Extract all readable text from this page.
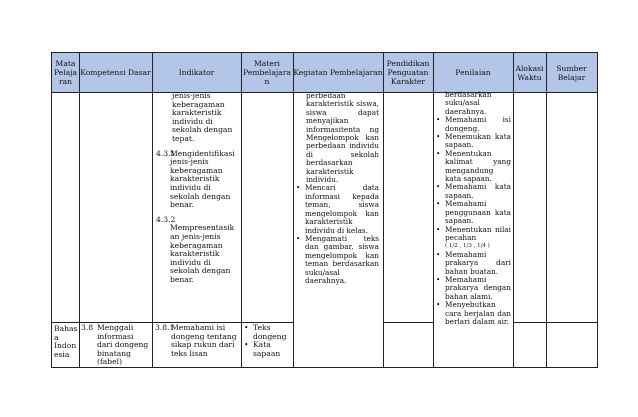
Mata Pelaja ran
Kompetensi Dasar	Indikator
Materi Pembelajara n
Kegiatan Pembelajaran
Pendidikan Penguatan Karakter
Penilaian	Alokasi Waktu
Sumber Belajar
jenis-jenis
keberagaman
karakteristik
individu di
sekolah dengan
tepat.
4.3.1
Mengidentifikasi
jenis-jenis
keberagaman
karakteristik
individu di
sekolah dengan
benar.
4.3.2
Mempresentasik
an jenis-jenis
keberagaman
karakteristik
individu di
sekolah dengan
benar.
perbedaan karakteristik siswa, siswa dapat menyajikan informasitenta ng Mengelompok kan perbedaan individu di sekolah berdasarkan karakteristik individu.
• Mencari data informasi kepada teman, siswa mengelompok kan karakteristik individu di kelas.
• Mengamati teks dan gambar, siswa mengelompok kan teman berdasarkan suku/asal daerahnya.
berdasarkan suku/asal daerahnya.
• Memahami isi dongeng.
• Menemukan kata sapaan.
• Menentukan kalimat yang mengandung kata sapaan.
• Memahami kata sapaan.
• Memahami penggunaan kata sapaan.
• Menentukan nilai pecahan
( 1/2 , 1/3 , 1/4 )
• Memahami prakarya dari bahan buatan.
• Memahami prakarya dengan bahan alami.
• Menyebutkan cara berjalan dan berlari dalam air.
Bahas a Indon esia
3.8 Menggali informasi dari dongeng binatang (fabel)
3.8.1
Memahami isi dongeng tentang sikap rukun dari teks lisan
• Teks dongeng
• Kata sapaan
